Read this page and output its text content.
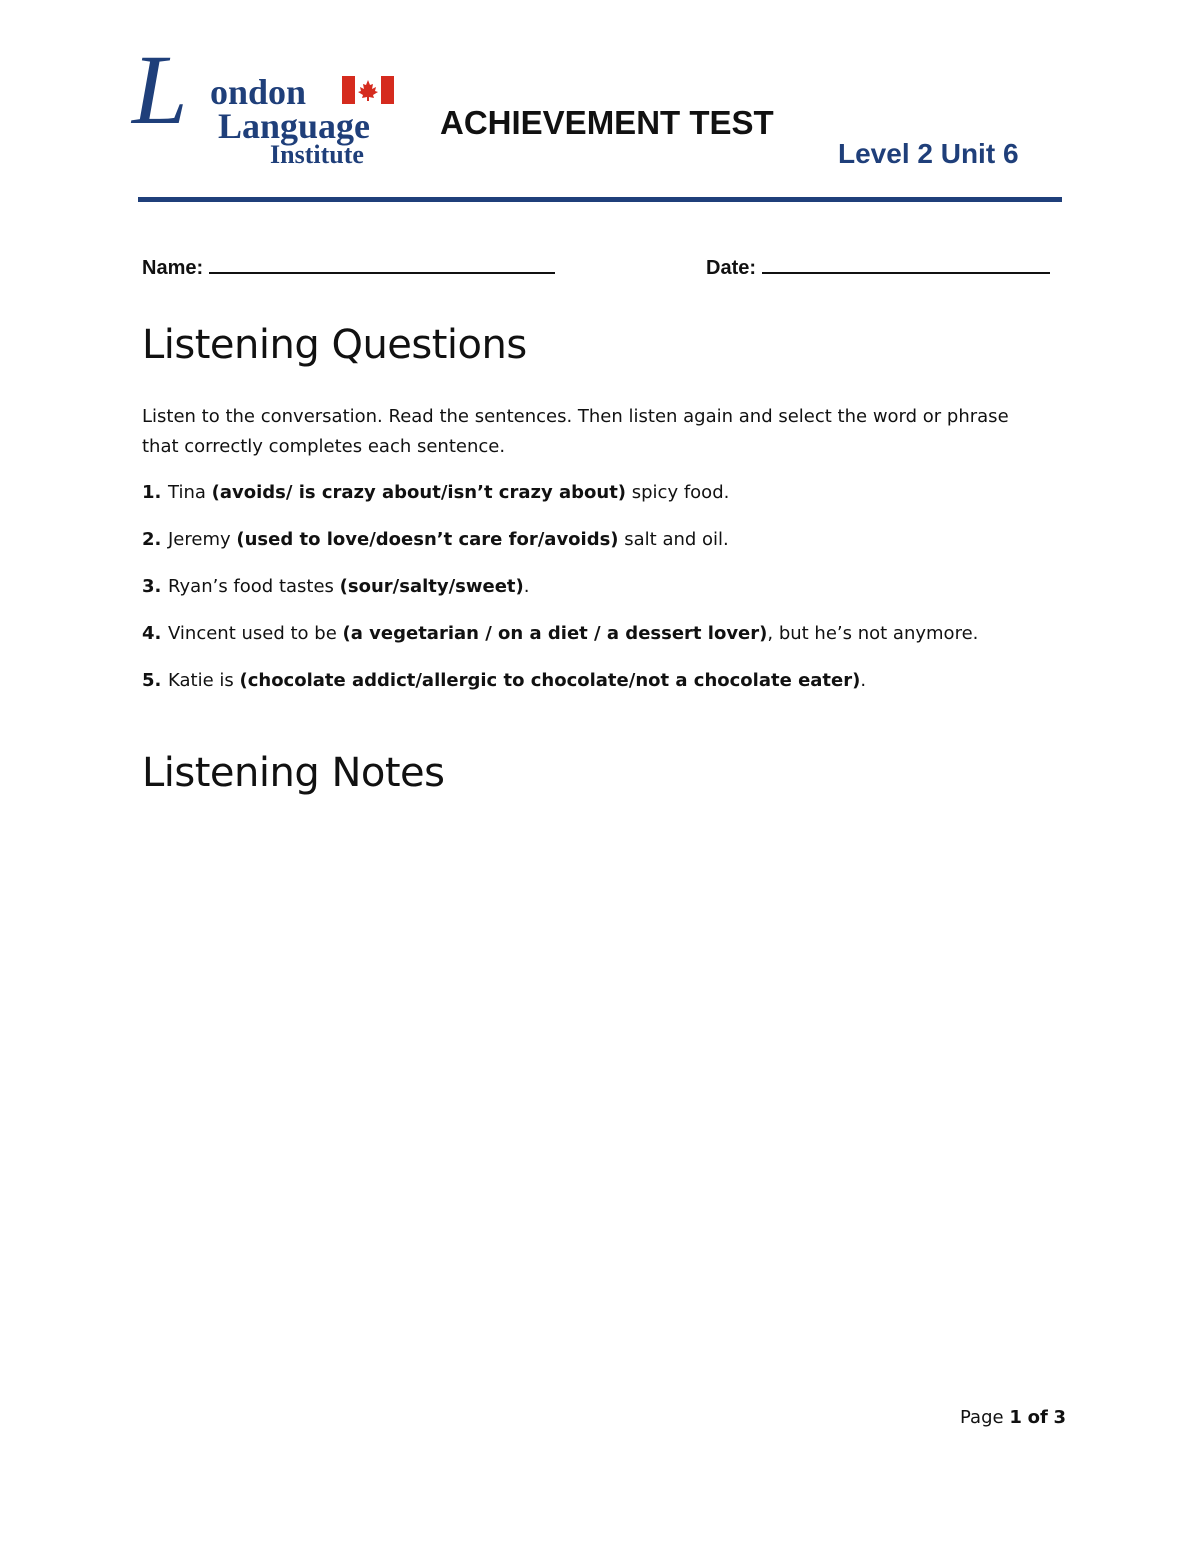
L ondon
Language
Institute
ACHIEVEMENT TEST
Level 2 Unit 6
Name:	Date:
Listening Questions
Listen to the conversation. Read the sentences. Then listen again and select the word or phrase that correctly completes each sentence.
1. Tina (avoids/ is crazy about/isn’t crazy about) spicy food.
2. Jeremy (used to love/doesn’t care for/avoids) salt and oil.
3. Ryan’s food tastes (sour/salty/sweet).
4. Vincent used to be (a vegetarian / on a diet / a dessert lover), but he’s not anymore.
5. Katie is (chocolate addict/allergic to chocolate/not a chocolate eater).
Listening Notes
Page 1 of 3
